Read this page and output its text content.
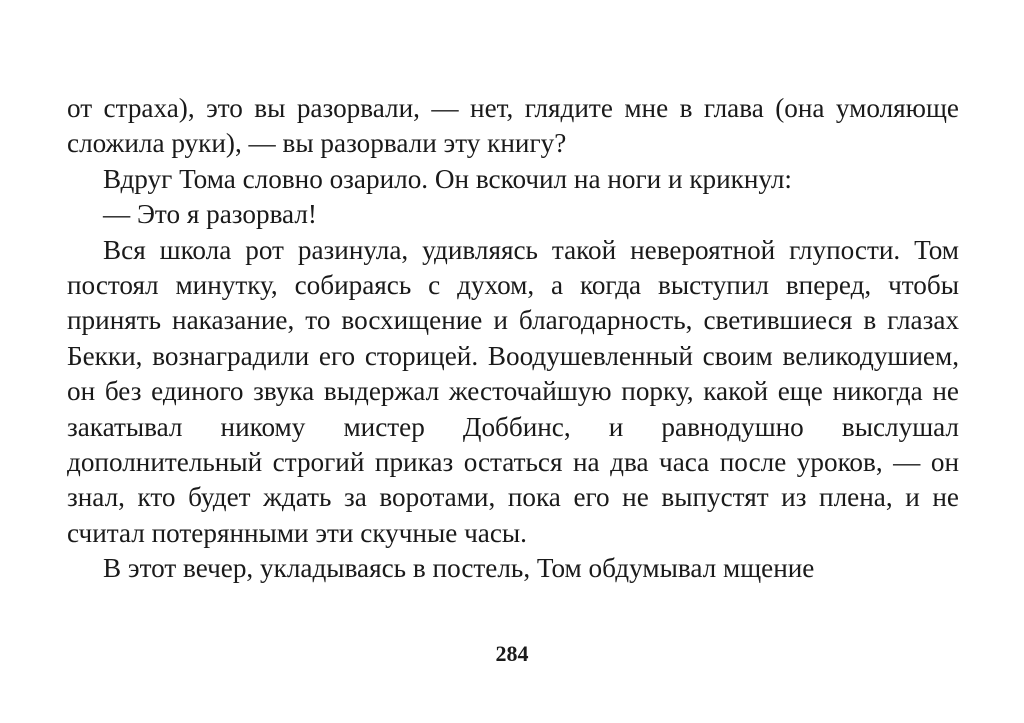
от страха), это вы разорвали, — нет, глядите мне в глава (она умоляюще сложила руки), — вы разорвали эту книгу?

Вдруг Тома словно озарило. Он вскочил на ноги и крикнул:

— Это я разорвал!

Вся школа рот разинула, удивляясь такой невероятной глупости. Том постоял минутку, собираясь с духом, а когда выступил вперед, чтобы принять наказание, то восхищение и благодарность, светившиеся в глазах Бекки, вознаградили его сторицей. Воодушевленный своим великодушием, он без единого звука выдержал жесточайшую порку, какой еще никогда не закатывал никому мистер Доббинс, и равнодушно выслушал дополнительный строгий приказ остаться на два часа после уроков, — он знал, кто будет ждать за воротами, пока его не выпустят из плена, и не считал потерянными эти скучные часы.

В этот вечер, укладываясь в постель, Том обдумывал мщение

284
